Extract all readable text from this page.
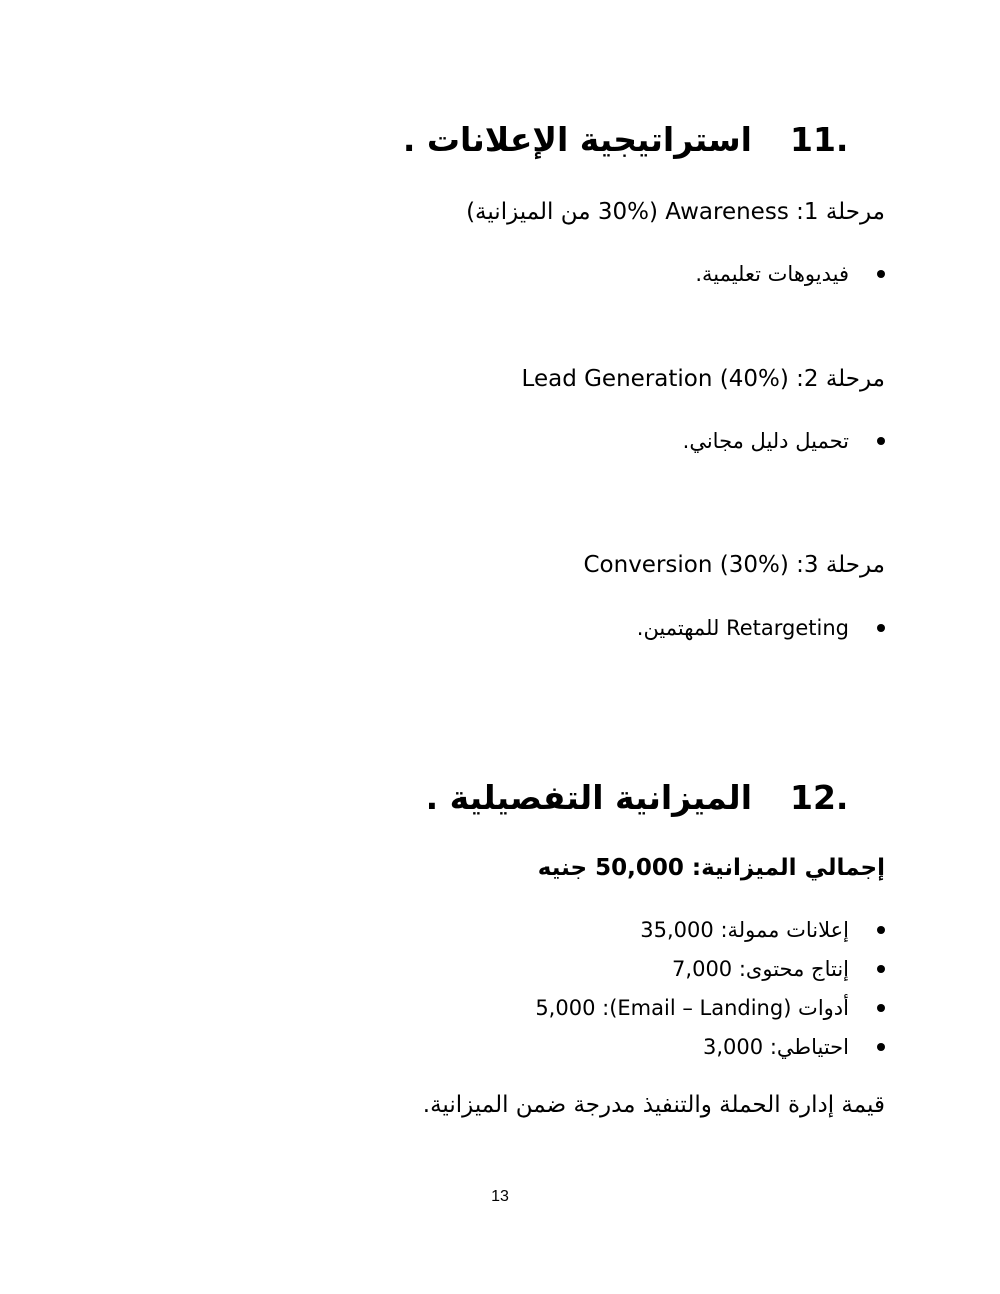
11.استراتيجية الإعلانات .
مرحلة 1: Awareness (30% من الميزانية)
فيديوهات تعليمية.
مرحلة 2: Lead Generation (40%)
تحميل دليل مجاني.
مرحلة 3: Conversion (30%)
Retargeting للمهتمين.
12.الميزانية التفصيلية .
إجمالي الميزانية: 50,000 جنيه
إعلانات ممولة: 35,000
إنتاج محتوى: 7,000
أدوات (Email – Landing): 5,000
احتياطي: 3,000
قيمة إدارة الحملة والتنفيذ مدرجة ضمن الميزانية.
13
